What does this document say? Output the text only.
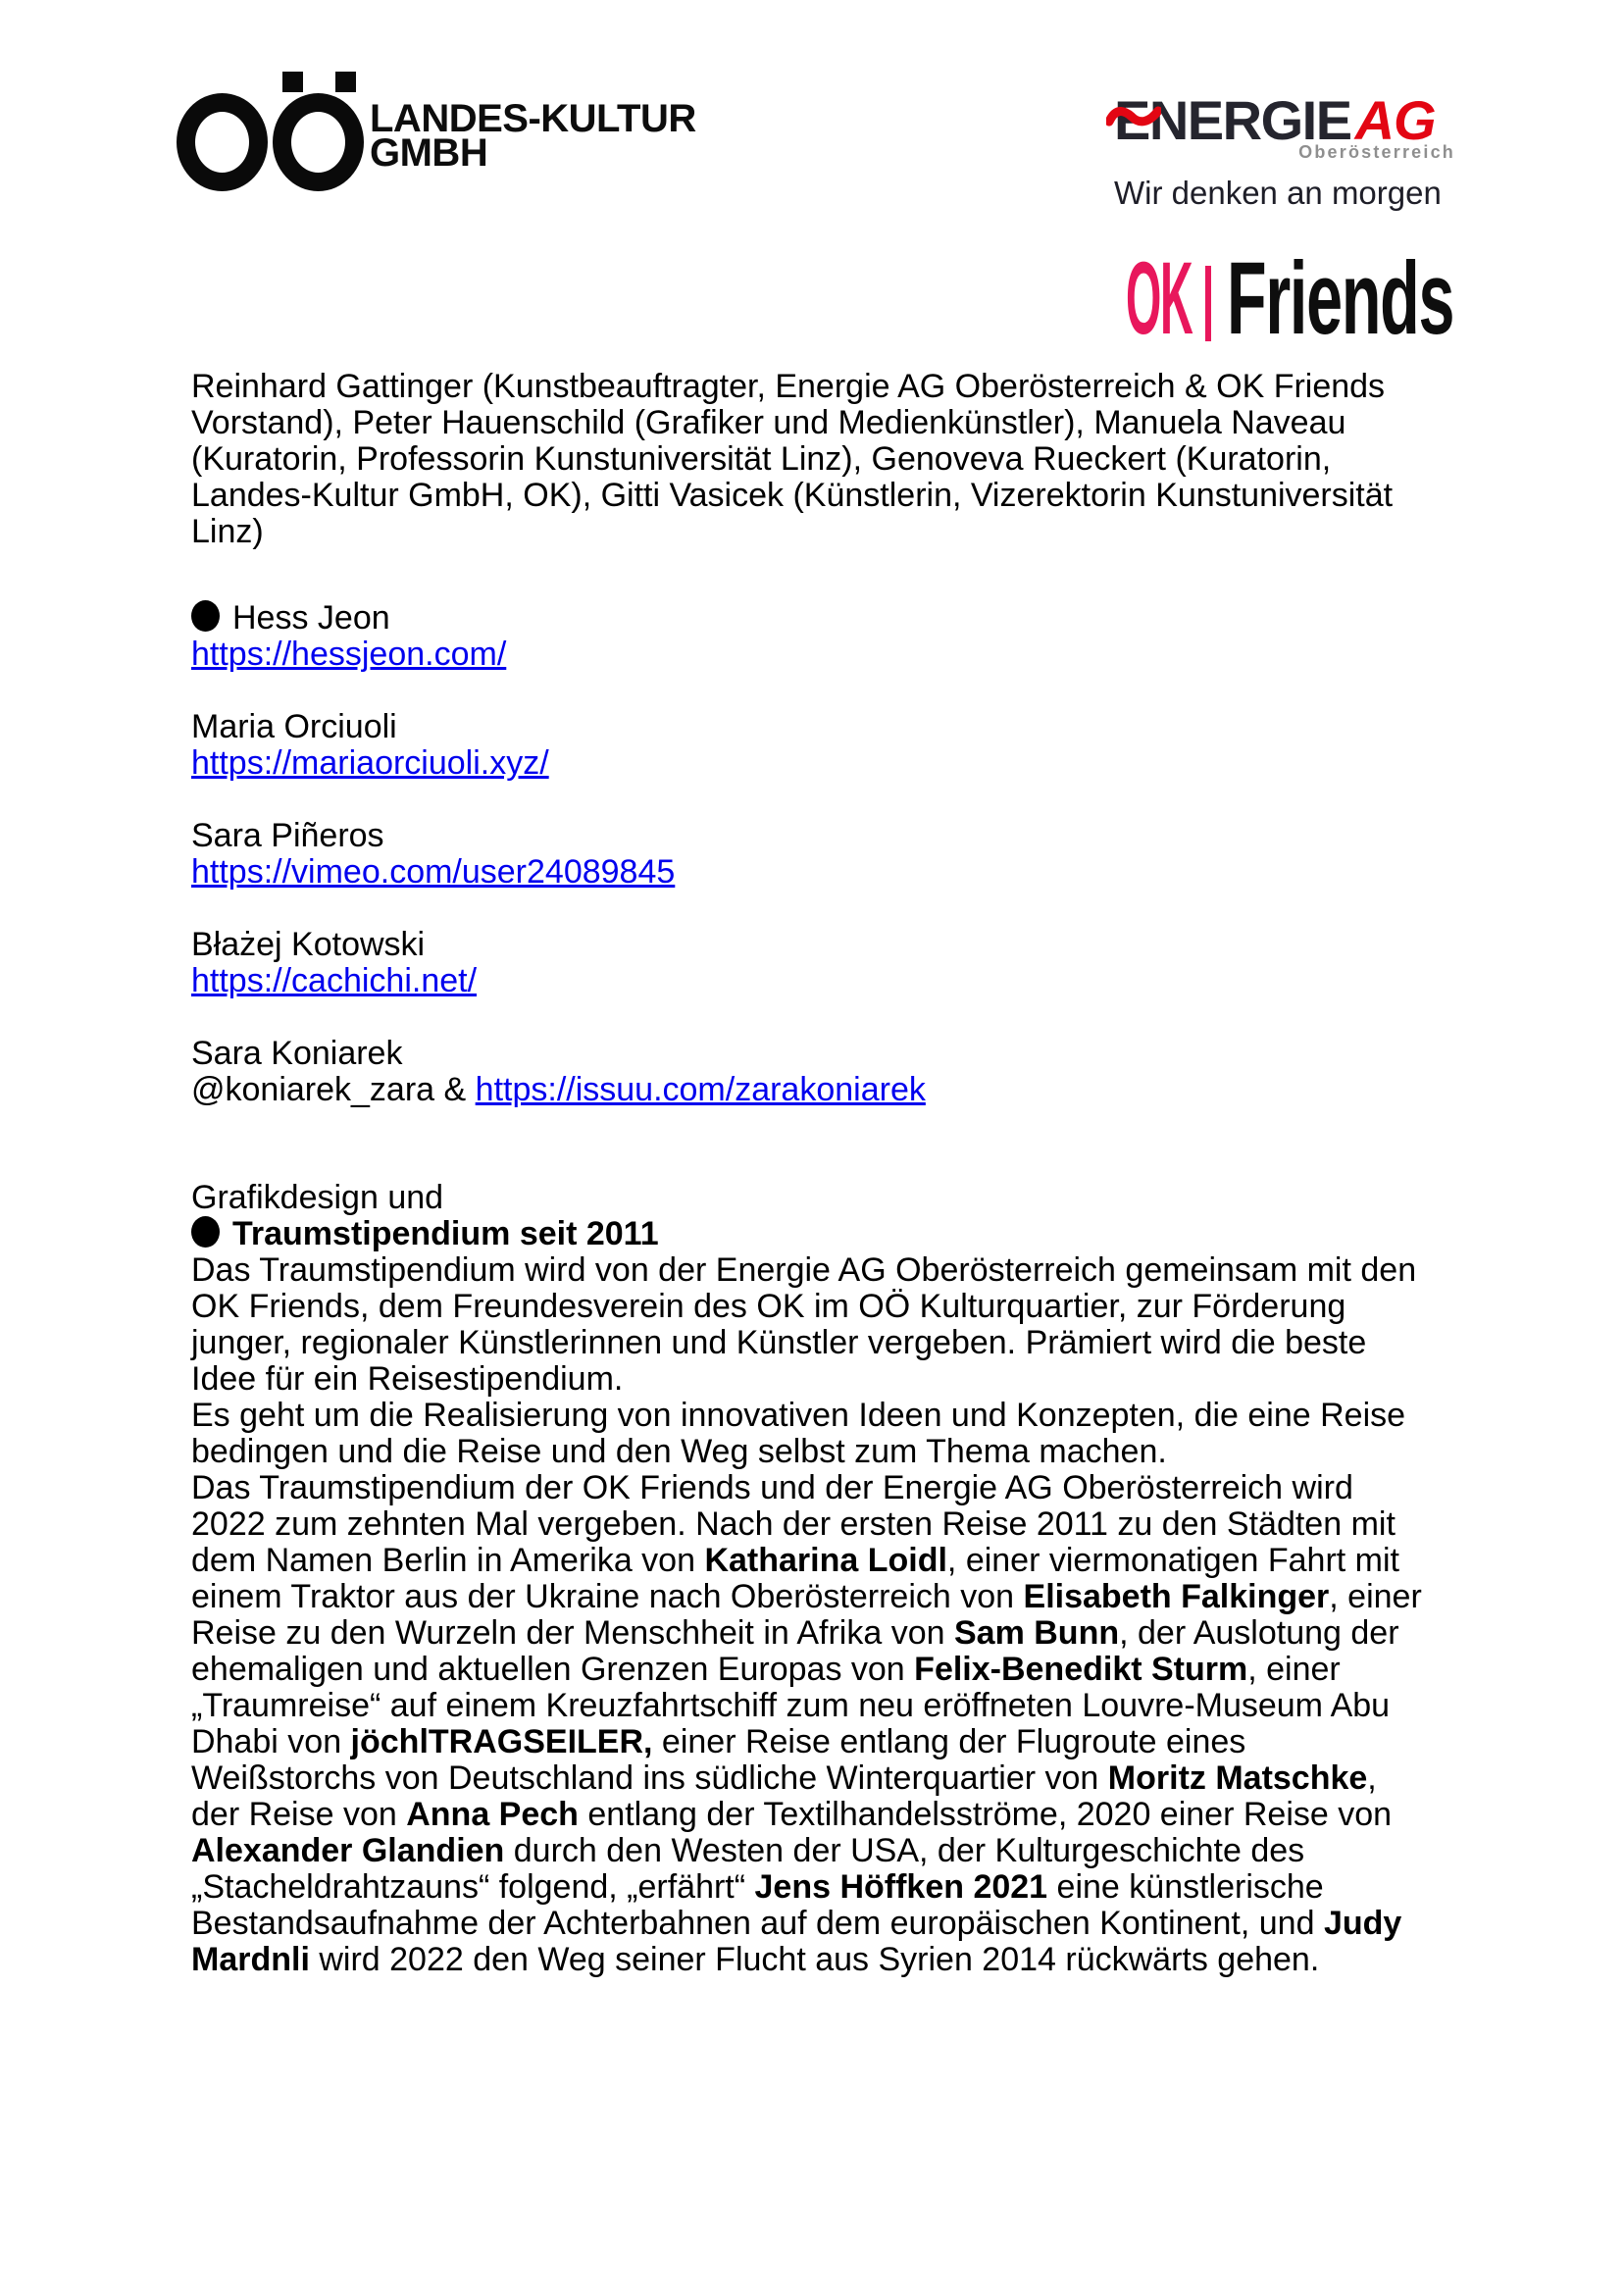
LANDES-KULTUR
GMBH
ENERGIE AG
Oberösterreich
Wir denken an morgen
OK Friends

Reinhard Gattinger (Kunstbeauftragter, Energie AG Oberösterreich & OK Friends Vorstand), Peter Hauenschild (Grafiker und Medienkünstler), Manuela Naveau (Kuratorin, Professorin Kunstuniversität Linz), Genoveva Rueckert (Kuratorin, Landes-Kultur GmbH, OK), Gitti Vasicek (Künstlerin, Vizerektorin Kunstuniversität Linz)

Hess Jeon
https://hessjeon.com/
Maria Orciuoli
https://mariaorciuoli.xyz/
Sara Piñeros
https://vimeo.com/user24089845
Błażej Kotowski
https://cachichi.net/
Sara Koniarek
@koniarek_zara & https://issuu.com/zarakoniarek
Grafikdesign und
Traumstipendium seit 2011

Das Traumstipendium wird von der Energie AG Oberösterreich gemeinsam mit den OK Friends, dem Freundesverein des OK im OÖ Kulturquartier, zur Förderung junger, regionaler Künstlerinnen und Künstler vergeben. Prämiert wird die beste Idee für ein Reisestipendium.

Es geht um die Realisierung von innovativen Ideen und Konzepten, die eine Reise bedingen und die Reise und den Weg selbst zum Thema machen.

Das Traumstipendium der OK Friends und der Energie AG Oberösterreich wird 2022 zum zehnten Mal vergeben. Nach der ersten Reise 2011 zu den Städten mit dem Namen Berlin in Amerika von Katharina Loidl, einer viermonatigen Fahrt mit einem Traktor aus der Ukraine nach Oberösterreich von Elisabeth Falkinger, einer Reise zu den Wurzeln der Menschheit in Afrika von Sam Bunn, der Auslotung der ehemaligen und aktuellen Grenzen Europas von Felix-Benedikt Sturm, einer „Traumreise“ auf einem Kreuzfahrtschiff zum neu eröffneten Louvre-Museum Abu Dhabi von jöchlTRAGSEILER, einer Reise entlang der Flugroute eines Weißstorchs von Deutschland ins südliche Winterquartier von Moritz Matschke, der Reise von Anna Pech entlang der Textilhandelsströme, 2020 einer Reise von Alexander Glandien durch den Westen der USA, der Kulturgeschichte des „Stacheldrahtzauns“ folgend, „erfährt“ Jens Höffken 2021 eine künstlerische Bestandsaufnahme der Achterbahnen auf dem europäischen Kontinent, und Judy Mardnli wird 2022 den Weg seiner Flucht aus Syrien 2014 rückwärts gehen.
